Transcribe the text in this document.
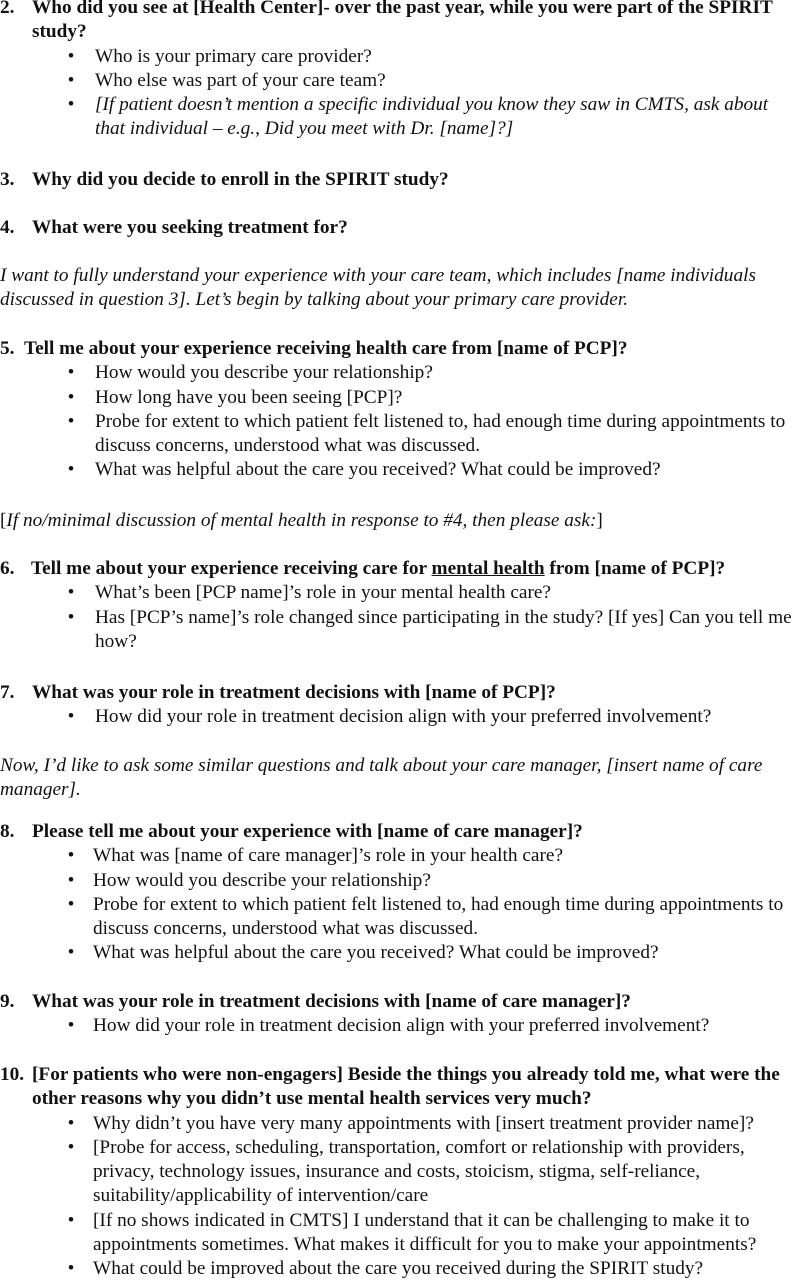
2. Who did you see at [Health Center]- over the past year, while you were part of the SPIRIT study?
• Who is your primary care provider?
• Who else was part of your care team?
• [If patient doesn’t mention a specific individual you know they saw in CMTS, ask about that individual – e.g., Did you meet with Dr. [name]?]
3. Why did you decide to enroll in the SPIRIT study?
4. What were you seeking treatment for?
I want to fully understand your experience with your care team, which includes [name individuals discussed in question 3]. Let’s begin by talking about your primary care provider.
5. Tell me about your experience receiving health care from [name of PCP]?
• How would you describe your relationship?
• How long have you been seeing [PCP]?
• Probe for extent to which patient felt listened to, had enough time during appointments to discuss concerns, understood what was discussed.
• What was helpful about the care you received? What could be improved?
[If no/minimal discussion of mental health in response to #4, then please ask:]
6. Tell me about your experience receiving care for mental health from [name of PCP]?
• What’s been [PCP name]’s role in your mental health care?
• Has [PCP’s name]’s role changed since participating in the study? [If yes] Can you tell me how?
7. What was your role in treatment decisions with [name of PCP]?
• How did your role in treatment decision align with your preferred involvement?
Now, I’d like to ask some similar questions and talk about your care manager, [insert name of care manager].
8. Please tell me about your experience with [name of care manager]?
• What was [name of care manager]’s role in your health care?
• How would you describe your relationship?
• Probe for extent to which patient felt listened to, had enough time during appointments to discuss concerns, understood what was discussed.
• What was helpful about the care you received? What could be improved?
9. What was your role in treatment decisions with [name of care manager]?
• How did your role in treatment decision align with your preferred involvement?
10. [For patients who were non-engagers] Beside the things you already told me, what were the other reasons why you didn’t use mental health services very much?
• Why didn’t you have very many appointments with [insert treatment provider name]?
• [Probe for access, scheduling, transportation, comfort or relationship with providers, privacy, technology issues, insurance and costs, stoicism, stigma, self-reliance, suitability/applicability of intervention/care
• [If no shows indicated in CMTS] I understand that it can be challenging to make it to appointments sometimes. What makes it difficult for you to make your appointments?
• What could be improved about the care you received during the SPIRIT study?
